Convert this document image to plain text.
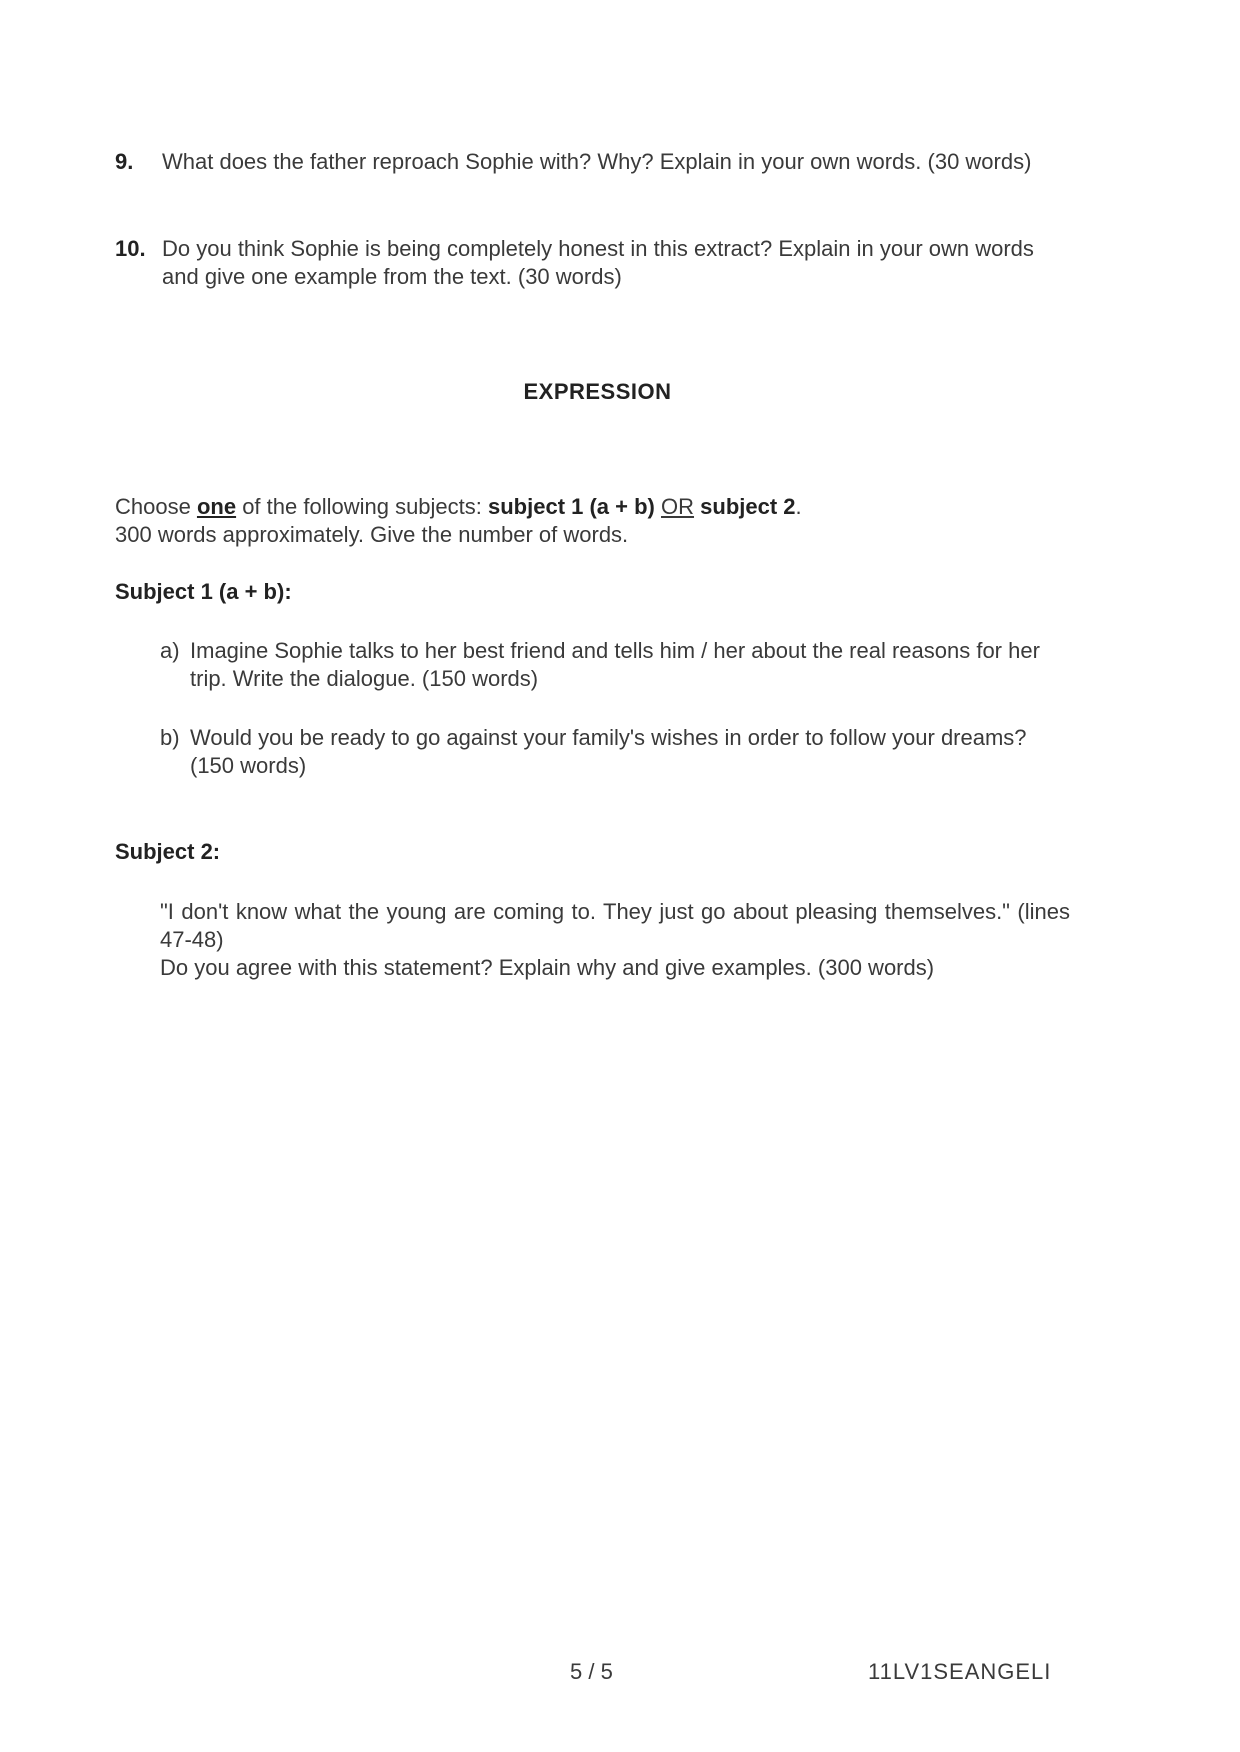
9. What does the father reproach Sophie with? Why? Explain in your own words. (30 words)
10. Do you think Sophie is being completely honest in this extract? Explain in your own words and give one example from the text. (30 words)
EXPRESSION
Choose one of the following subjects: subject 1 (a + b) OR subject 2.
300 words approximately. Give the number of words.
Subject 1 (a + b):
a) Imagine Sophie talks to her best friend and tells him / her about the real reasons for her trip. Write the dialogue. (150 words)
b) Would you be ready to go against your family's wishes in order to follow your dreams? (150 words)
Subject 2:
"I don't know what the young are coming to. They just go about pleasing themselves." (lines 47-48)
Do you agree with this statement? Explain why and give examples. (300 words)
5 / 5	11LV1SEANGELI
